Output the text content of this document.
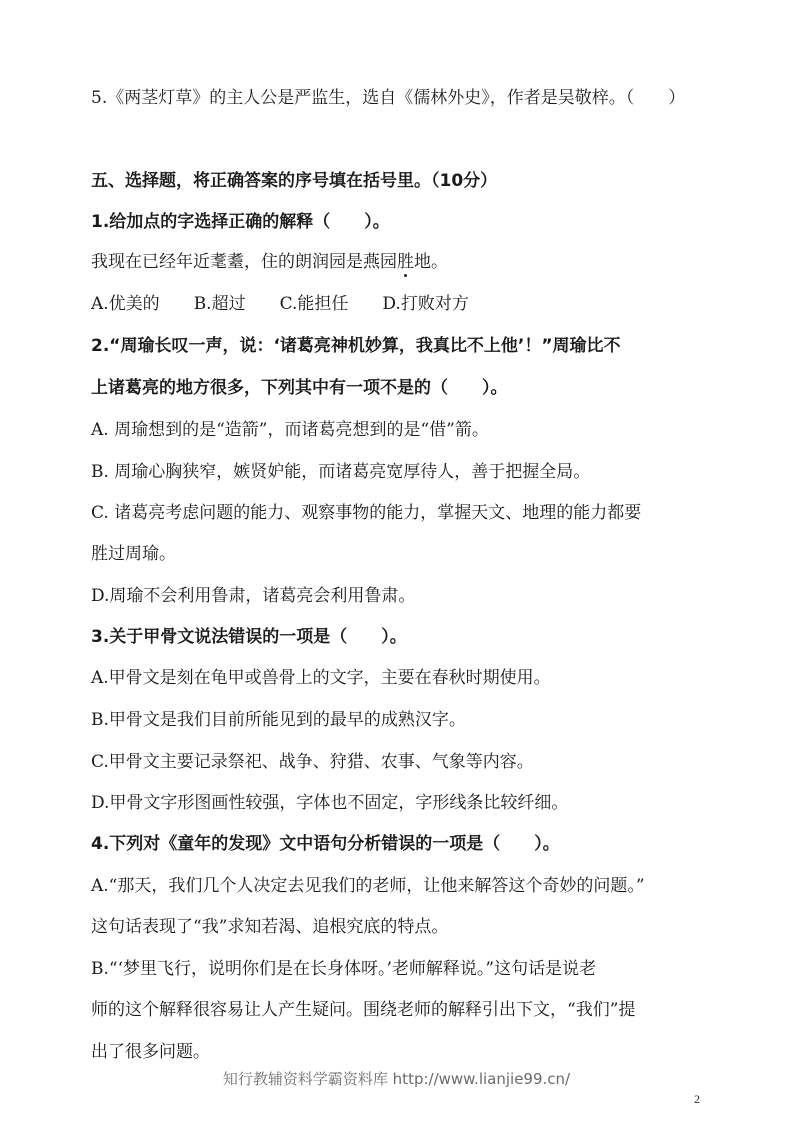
5.《两茎灯草》的主人公是严监生，选自《儒林外史》，作者是吴敬梓。（　　）
五、选择题，将正确答案的序号填在括号里。（10分）
1.给加点的字选择正确的解释（　　）。
我现在已经年近耄耋，住的朗润园是燕园胜地。
A.优美的 B.超过 C.能担任 D.打败对方
2.“周瑜长叹一声，说：‘诸葛亮神机妙算，我真比不上他’！”周瑜比不
上诸葛亮的地方很多，下列其中有一项不是的（　　）。
A. 周瑜想到的是“造箭”，而诸葛亮想到的是“借”箭。
B. 周瑜心胸狭窄，嫉贤妒能，而诸葛亮宽厚待人，善于把握全局。
C. 诸葛亮考虑问题的能力、观察事物的能力，掌握天文、地理的能力都要
胜过周瑜。
D.周瑜不会利用鲁肃，诸葛亮会利用鲁肃。
3.关于甲骨文说法错误的一项是（　　）。
A.甲骨文是刻在龟甲或兽骨上的文字，主要在春秋时期使用。
B.甲骨文是我们目前所能见到的最早的成熟汉字。
C.甲骨文主要记录祭祀、战争、狩猎、农事、气象等内容。
D.甲骨文字形图画性较强，字体也不固定，字形线条比较纤细。
4.下列对《童年的发现》文中语句分析错误的一项是（　　）。
A.“那天，我们几个人决定去见我们的老师，让他来解答这个奇妙的问题。”
这句话表现了“我”求知若渴、追根究底的特点。
B.“‘梦里飞行，说明你们是在长身体呀。’老师解释说。”这句话是说老
师的这个解释很容易让人产生疑问。围绕老师的解释引出下文，“我们”提
出了很多问题。
知行教辅资料学霸资料库 http://www.lianjie99.cn/
2
